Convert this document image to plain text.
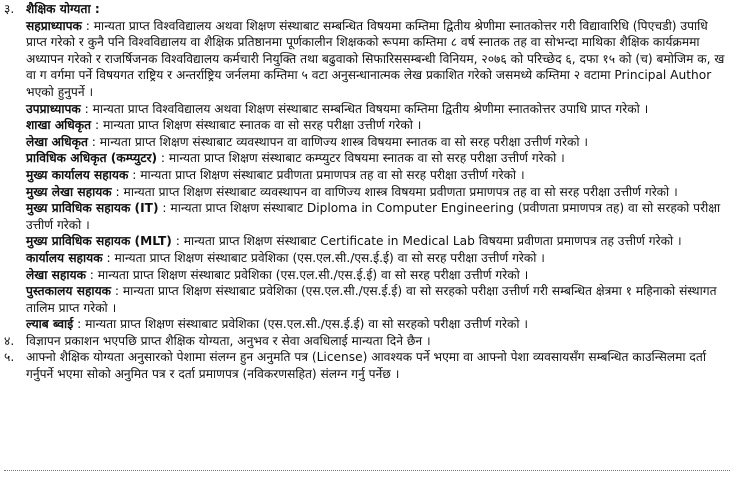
३. शैक्षिक योग्यता :

सहप्राध्यापक : मान्यता प्राप्त विश्वविद्यालय अथवा शिक्षण संस्थाबाट सम्बन्धित विषयमा कम्तिमा द्वितीय श्रेणीमा स्नातकोत्तर गरी विद्यावारिधि (पिएचडी) उपाधि प्राप्त गरेको र कुनै पनि विश्वविद्यालय वा शैक्षिक प्रतिष्ठानमा पूर्णकालीन शिक्षकको रूपमा कम्तिमा ८ वर्ष स्नातक तह वा सोभन्दा माथिका शैक्षिक कार्यक्रममा अध्यापन गरेको र राजर्षिजनक विश्वविद्यालय कर्मचारी नियुक्ति तथा बढुवाको सिफारिससम्बन्धी विनियम, २०७६ को परिच्छेद ६, दफा १५ को (च) बमोजिम क, ख वा ग वर्गमा पर्ने विषयगत राष्ट्रिय र अन्तर्राष्ट्रिय जर्नलमा कम्तिमा ५ वटा अनुसन्धानात्मक लेख प्रकाशित गरेको जसमध्ये कम्तिमा २ वटामा Principal Author भएको हुनुपर्ने ।

उपप्राध्यापक : मान्यता प्राप्त विश्वविद्यालय अथवा शिक्षण संस्थाबाट सम्बन्धित विषयमा कम्तिमा द्वितीय श्रेणीमा स्नातकोत्तर उपाधि प्राप्त गरेको ।

शाखा अधिकृत : मान्यता प्राप्त शिक्षण संस्थाबाट स्नातक वा सो सरह परीक्षा उत्तीर्ण गरेको ।

लेखा अधिकृत : मान्यता प्राप्त शिक्षण संस्थाबाट व्यवस्थापन वा वाणिज्य शास्त्र विषयमा स्नातक वा सो सरह परीक्षा उत्तीर्ण गरेको ।

प्राविधिक अधिकृत (कम्प्युटर) : मान्यता प्राप्त शिक्षण संस्थाबाट कम्प्युटर विषयमा स्नातक वा सो सरह परीक्षा उत्तीर्ण गरेको ।

मुख्य कार्यालय सहायक : मान्यता प्राप्त शिक्षण संस्थाबाट प्रवीणता प्रमाणपत्र तह वा सो सरह परीक्षा उत्तीर्ण गरेको ।

मुख्य लेखा सहायक : मान्यता प्राप्त शिक्षण संस्थाबाट व्यवस्थापन वा वाणिज्य शास्त्र विषयमा प्रवीणता प्रमाणपत्र तह वा सो सरह परीक्षा उत्तीर्ण गरेको ।

मुख्य प्राविधिक सहायक (IT) : मान्यता प्राप्त शिक्षण संस्थाबाट Diploma in Computer Engineering (प्रवीणता प्रमाणपत्र तह) वा सो सरहको परीक्षा उत्तीर्ण गरेको ।

मुख्य प्राविधिक सहायक (MLT) : मान्यता प्राप्त शिक्षण संस्थाबाट Certificate in Medical Lab विषयमा प्रवीणता प्रमाणपत्र तह उत्तीर्ण गरेको ।

कार्यालय सहायक : मान्यता प्राप्त शिक्षण संस्थाबाट प्रवेशिका (एस.एल.सी./एस.ई.ई) वा सो सरह परीक्षा उत्तीर्ण गरेको ।

लेखा सहायक : मान्यता प्राप्त शिक्षण संस्थाबाट प्रवेशिका (एस.एल.सी./एस.ई.ई) वा सो सरह परीक्षा उत्तीर्ण गरेको ।

पुस्तकालय सहायक : मान्यता प्राप्त शिक्षण संस्थाबाट प्रवेशिका (एस.एल.सी./एस.ई.ई) वा सो सरहको परीक्षा उत्तीर्ण गरी सम्बन्धित क्षेत्रमा १ महिनाको संस्थागत तालिम प्राप्त गरेको ।

ल्याब ब्वाई : मान्यता प्राप्त शिक्षण संस्थाबाट प्रवेशिका (एस.एल.सी./एस.ई.ई) वा सो सरहको परीक्षा उत्तीर्ण गरेको ।

४. विज्ञापन प्रकाशन भएपछि प्राप्त शैक्षिक योग्यता, अनुभव र सेवा अवधिलाई मान्यता दिने छैन ।
५. आफ्नो शैक्षिक योग्यता अनुसारको पेशामा संलग्न हुन अनुमति पत्र (License) आवश्यक पर्ने भएमा वा आफ्नो पेशा व्यवसायसँग सम्बन्धित काउन्सिलमा दर्ता गर्नुपर्ने भएमा सोको अनुमित पत्र र दर्ता प्रमाणपत्र (नविकरणसहित) संलग्न गर्नु पर्नेछ ।
